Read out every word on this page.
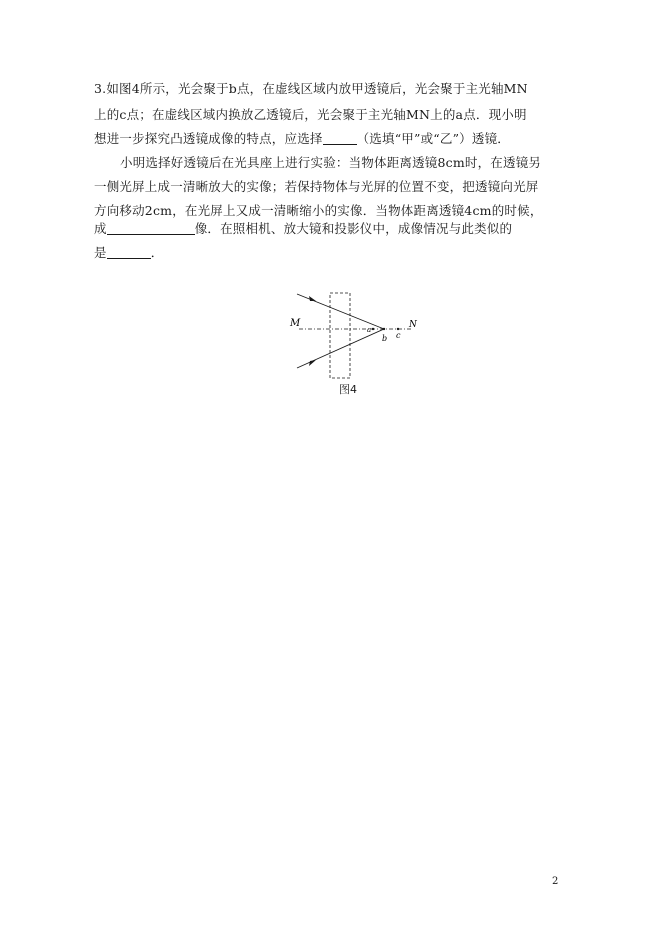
3.如图4所示，光会聚于b点，在虚线区域内放甲透镜后，光会聚于主光轴MN
上的c点；在虚线区域内换放乙透镜后，光会聚于主光轴MN上的a点．现小明
想进一步探究凸透镜成像的特点，应选择	（选填“甲”或“乙”）透镜．
小明选择好透镜后在光具座上进行实验：当物体距离透镜8cm时，在透镜另
一侧光屏上成一清晰放大的实像；若保持物体与光屏的位置不变，把透镜向光屏
方向移动2cm，在光屏上又成一清晰缩小的实像．当物体距离透镜4cm的时候，
成	像．在照相机、放大镜和投影仪中，成像情况与此类似的
是	．
M	N
a
b c
图4
2
